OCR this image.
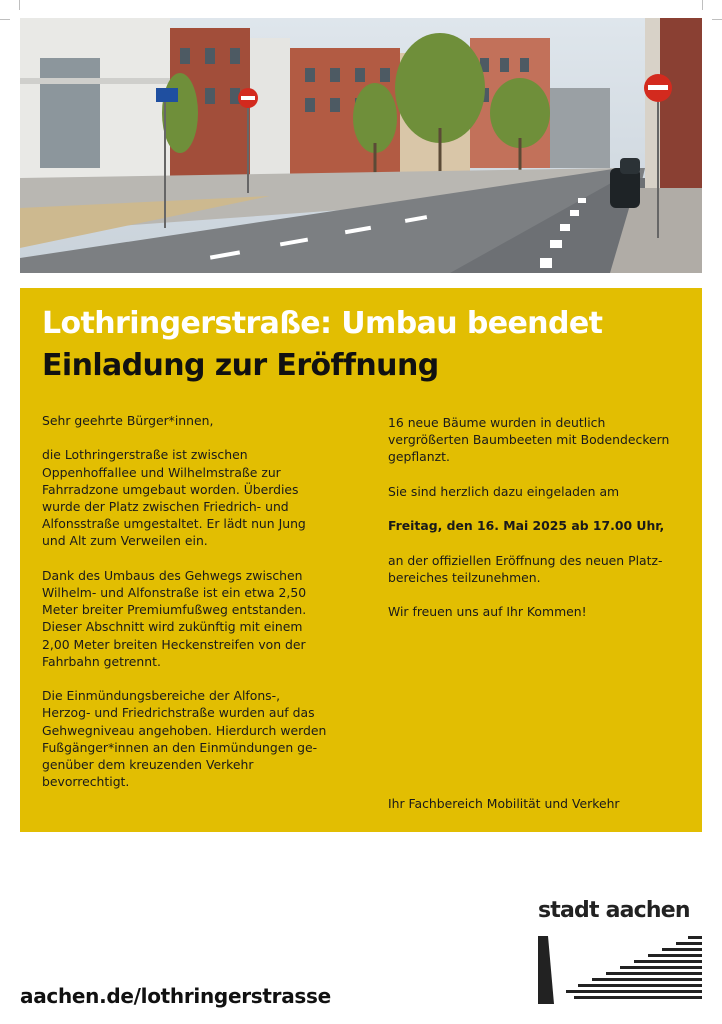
© Stadt Aachen/FB68
Lothringerstraße: Umbau beendet
Einladung zur Eröffnung

Sehr geehrte Bürger*innen,

die Lothringerstraße ist zwischen
Oppenhoffallee und Wilhelmstraße zur
Fahrradzone umgebaut worden. Überdies
wurde der Platz zwischen Friedrich- und
Alfonsstraße umgestaltet. Er lädt nun Jung
und Alt zum Verweilen ein.

Dank des Umbaus des Gehwegs zwischen
Wilhelm- und Alfonstraße ist ein etwa 2,50
Meter breiter Premiumfußweg entstanden.
Dieser Abschnitt wird zukünftig mit einem
2,00 Meter breiten Heckenstreifen von der
Fahrbahn getrennt.

Die Einmündungsbereiche der Alfons-,
Herzog- und Friedrichstraße wurden auf das
Gehwegniveau angehoben. Hierdurch werden
Fußgänger*innen an den Einmündungen ge-
genüber dem kreuzenden Verkehr
bevorrechtigt.

16 neue Bäume wurden in deutlich
vergrößerten Baumbeeten mit Bodendeckern
gepflanzt.

Sie sind herzlich dazu eingeladen am

Freitag, den 16. Mai 2025 ab 17.00 Uhr,

an der offiziellen Eröffnung des neuen Platz-
bereiches teilzunehmen.

Wir freuen uns auf Ihr Kommen!

Ihr Fachbereich Mobilität und Verkehr
aachen.de/lothringerstrasse
stadt aachen
